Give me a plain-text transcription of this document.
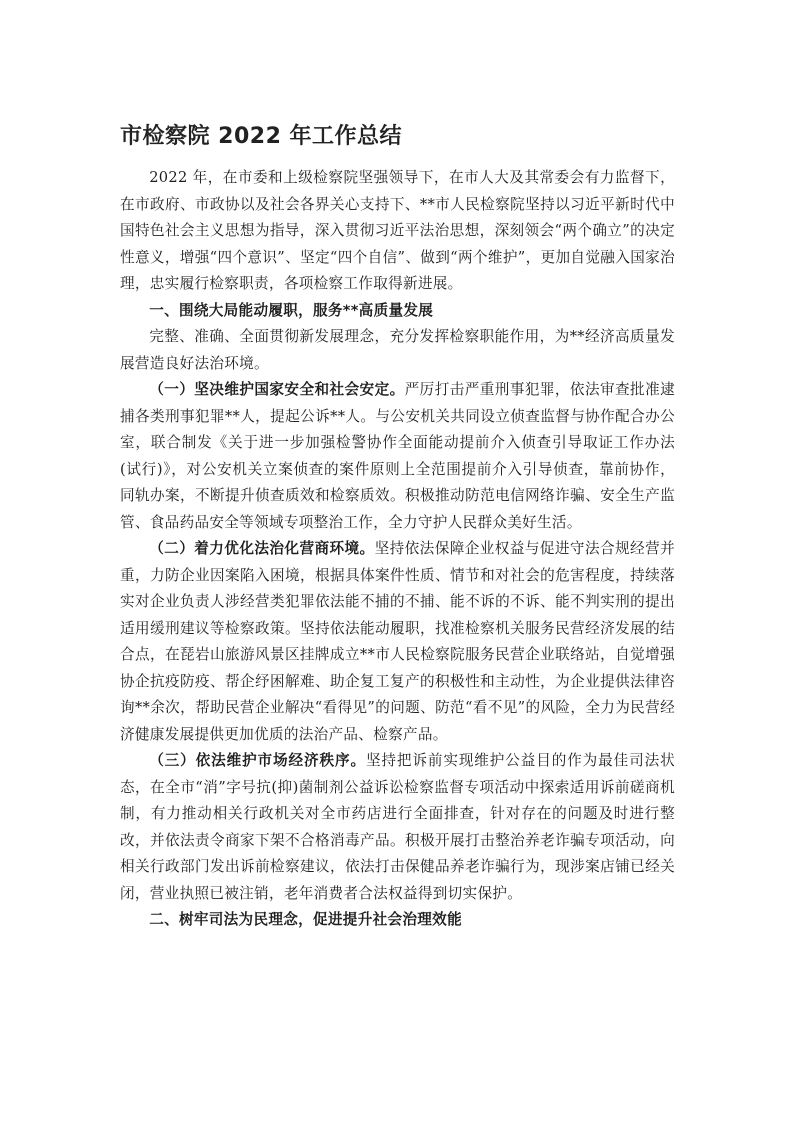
市检察院 2022 年工作总结

2022 年，在市委和上级检察院坚强领导下，在市人大及其常委会有力监督下，在市政府、市政协以及社会各界关心支持下、**市人民检察院坚持以习近平新时代中国特色社会主义思想为指导，深入贯彻习近平法治思想，深刻领会“两个确立”的决定性意义，增强“四个意识”、坚定“四个自信”、做到“两个维护”，更加自觉融入国家治理，忠实履行检察职责，各项检察工作取得新进展。

一、围绕大局能动履职，服务**高质量发展

完整、准确、全面贯彻新发展理念，充分发挥检察职能作用，为**经济高质量发展营造良好法治环境。

（一）坚决维护国家安全和社会安定。严厉打击严重刑事犯罪，依法审查批准逮捕各类刑事犯罪**人，提起公诉**人。与公安机关共同设立侦查监督与协作配合办公室，联合制发《关于进一步加强检警协作全面能动提前介入侦查引导取证工作办法(试行)》，对公安机关立案侦查的案件原则上全范围提前介入引导侦查，靠前协作，同轨办案，不断提升侦查质效和检察质效。积极推动防范电信网络诈骗、安全生产监管、食品药品安全等领域专项整治工作，全力守护人民群众美好生活。

（二）着力优化法治化营商环境。坚持依法保障企业权益与促进守法合规经营并重，力防企业因案陷入困境，根据具体案件性质、情节和对社会的危害程度，持续落实对企业负责人涉经营类犯罪依法能不捕的不捕、能不诉的不诉、能不判实刑的提出适用缓刑建议等检察政策。坚持依法能动履职，找准检察机关服务民营经济发展的结合点，在琵岩山旅游风景区挂牌成立**市人民检察院服务民营企业联络站，自觉增强协企抗疫防疫、帮企纾困解难、助企复工复产的积极性和主动性，为企业提供法律咨询**余次，帮助民营企业解决“看得见”的问题、防范“看不见”的风险，全力为民营经济健康发展提供更加优质的法治产品、检察产品。

（三）依法维护市场经济秩序。坚持把诉前实现维护公益目的作为最佳司法状态，在全市“消”字号抗(抑)菌制剂公益诉讼检察监督专项活动中探索适用诉前磋商机制，有力推动相关行政机关对全市药店进行全面排查，针对存在的问题及时进行整改，并依法责令商家下架不合格消毒产品。积极开展打击整治养老诈骗专项活动，向相关行政部门发出诉前检察建议，依法打击保健品养老诈骗行为，现涉案店铺已经关闭，营业执照已被注销，老年消费者合法权益得到切实保护。

二、树牢司法为民理念，促进提升社会治理效能
